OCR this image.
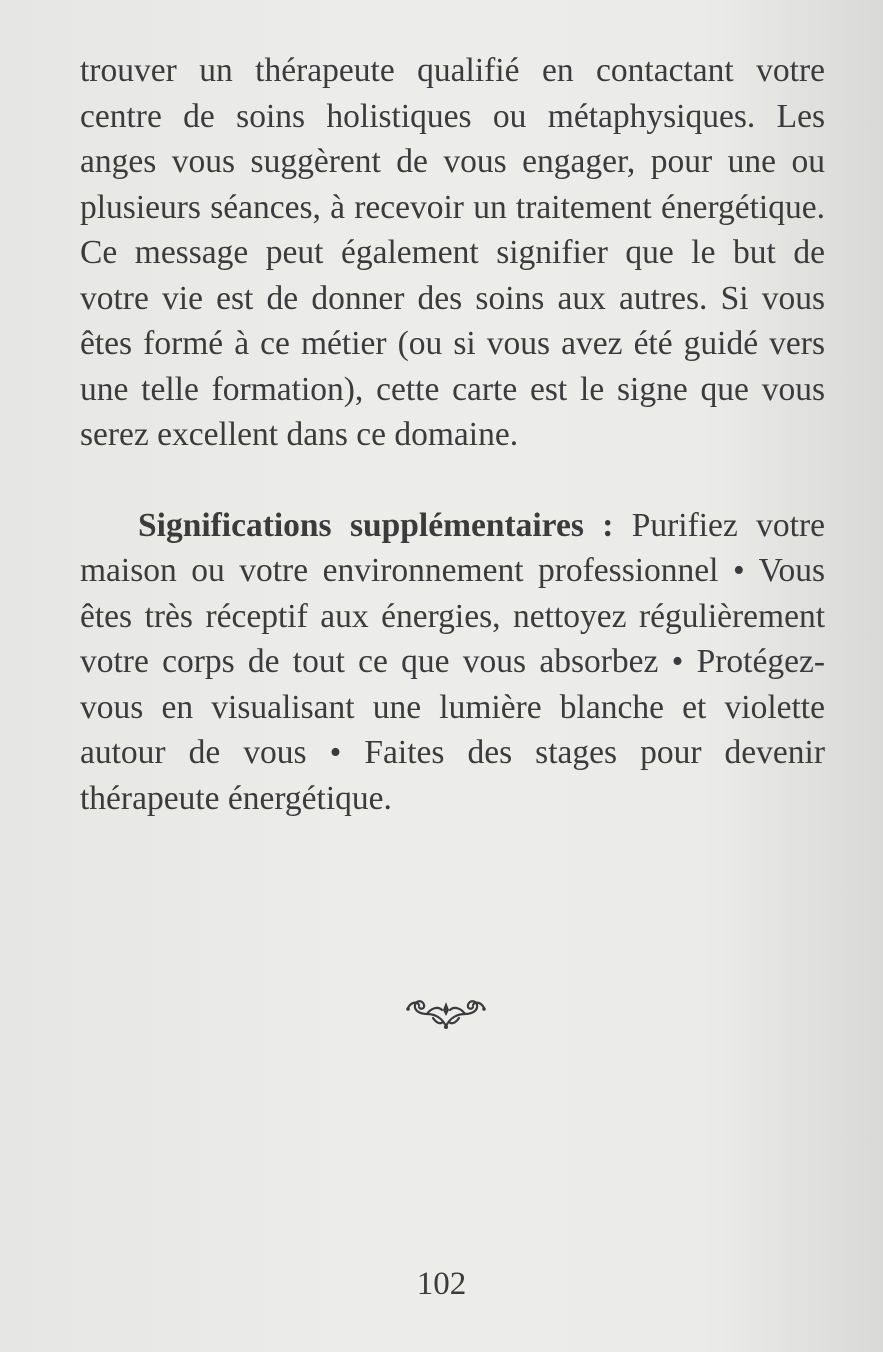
trouver un thérapeute qualifié en contactant votre centre de soins holistiques ou métaphysiques. Les anges vous suggèrent de vous engager, pour une ou plusieurs séances, à recevoir un traitement énergétique. Ce message peut également signifier que le but de votre vie est de donner des soins aux autres. Si vous êtes formé à ce métier (ou si vous avez été guidé vers une telle formation), cette carte est le signe que vous serez excellent dans ce domaine.

Significations supplémentaires : Purifiez votre maison ou votre environnement professionnel • Vous êtes très réceptif aux énergies, nettoyez régulièrement votre corps de tout ce que vous absorbez • Protégez-vous en visualisant une lumière blanche et violette autour de vous • Faites des stages pour devenir thérapeute énergétique.

102
